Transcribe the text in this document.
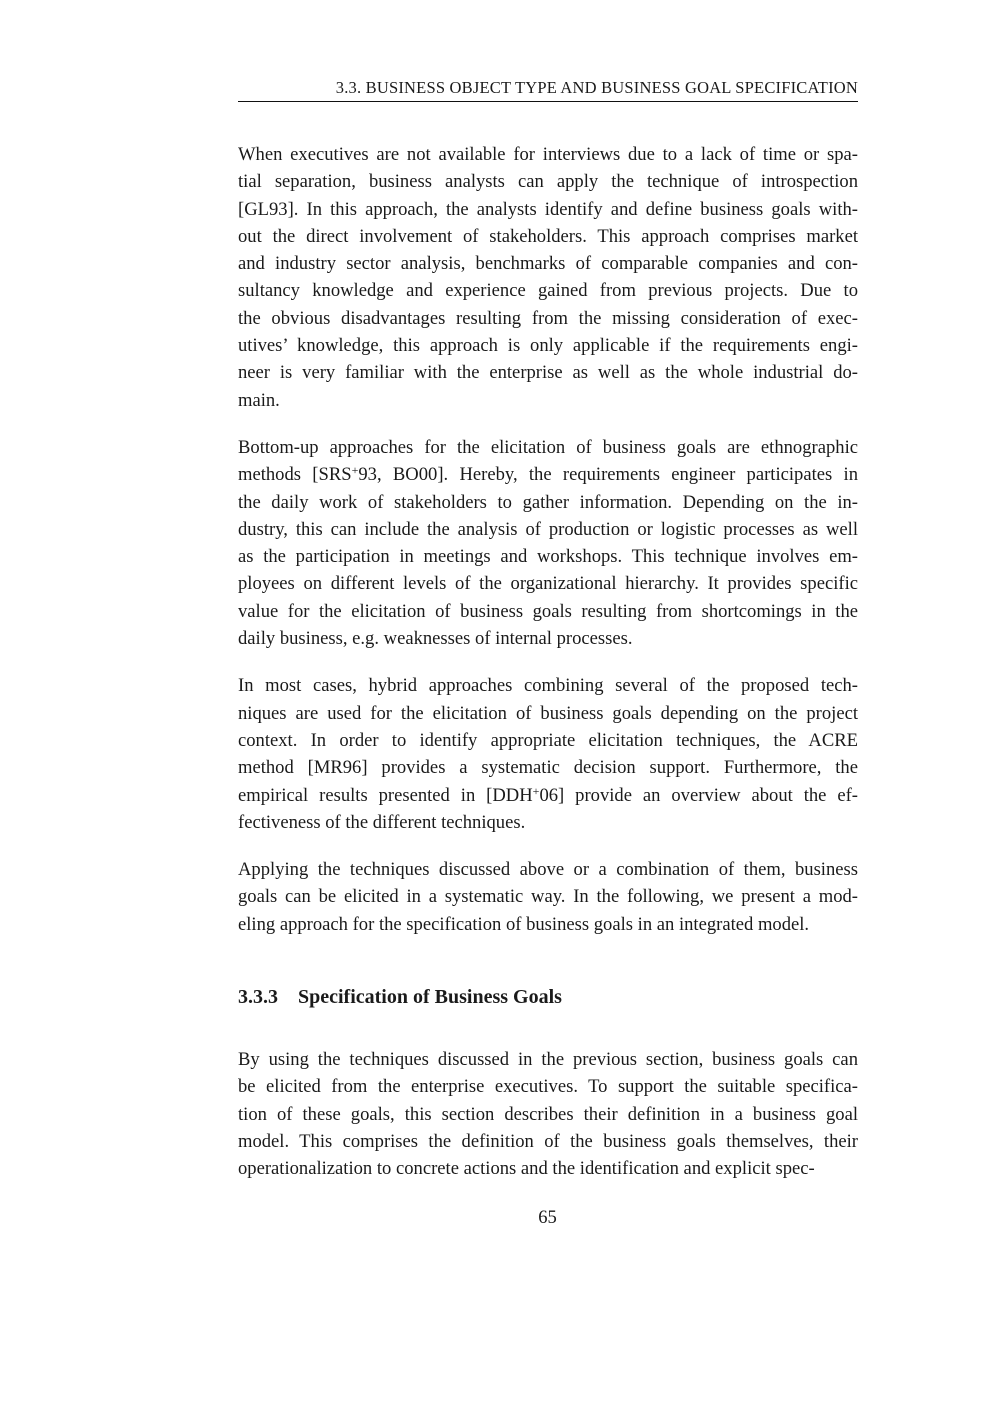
3.3. BUSINESS OBJECT TYPE AND BUSINESS GOAL SPECIFICATION

When executives are not available for interviews due to a lack of time or spa-
tial separation, business analysts can apply the technique of introspection
[GL93]. In this approach, the analysts identify and define business goals with-
out the direct involvement of stakeholders. This approach comprises market
and industry sector analysis, benchmarks of comparable companies and con-
sultancy knowledge and experience gained from previous projects. Due to
the obvious disadvantages resulting from the missing consideration of exec-
utives’ knowledge, this approach is only applicable if the requirements engi-
neer is very familiar with the enterprise as well as the whole industrial do-
main.

Bottom-up approaches for the elicitation of business goals are ethnographic
methods [SRS+93, BO00]. Hereby, the requirements engineer participates in
the daily work of stakeholders to gather information. Depending on the in-
dustry, this can include the analysis of production or logistic processes as well
as the participation in meetings and workshops. This technique involves em-
ployees on different levels of the organizational hierarchy. It provides specific
value for the elicitation of business goals resulting from shortcomings in the
daily business, e.g. weaknesses of internal processes.

In most cases, hybrid approaches combining several of the proposed tech-
niques are used for the elicitation of business goals depending on the project
context. In order to identify appropriate elicitation techniques, the ACRE
method [MR96] provides a systematic decision support. Furthermore, the
empirical results presented in [DDH+06] provide an overview about the ef-
fectiveness of the different techniques.

Applying the techniques discussed above or a combination of them, business
goals can be elicited in a systematic way. In the following, we present a mod-
eling approach for the specification of business goals in an integrated model.

3.3.3 Specification of Business Goals

By using the techniques discussed in the previous section, business goals can
be elicited from the enterprise executives. To support the suitable specifica-
tion of these goals, this section describes their definition in a business goal
model. This comprises the definition of the business goals themselves, their
operationalization to concrete actions and the identification and explicit spec-

65
